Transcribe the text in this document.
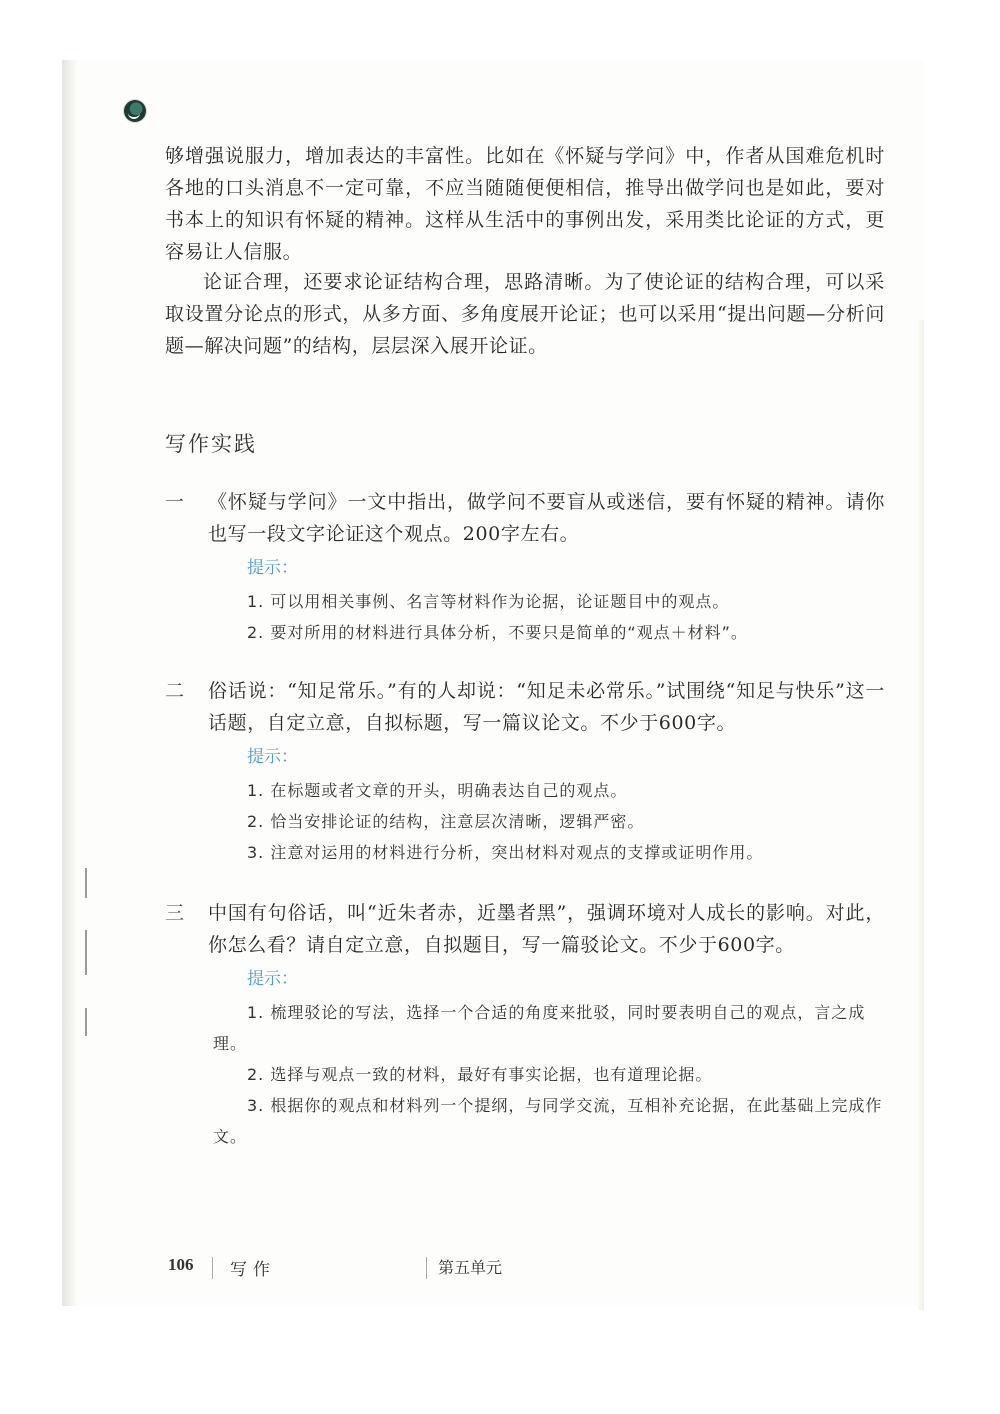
够增强说服力，增加表达的丰富性。比如在《怀疑与学问》中，作者从国难危机时各地的口头消息不一定可靠，不应当随随便便相信，推导出做学问也是如此，要对书本上的知识有怀疑的精神。这样从生活中的事例出发，采用类比论证的方式，更容易让人信服。

论证合理，还要求论证结构合理，思路清晰。为了使论证的结构合理，可以采取设置分论点的形式，从多方面、多角度展开论证；也可以采用“提出问题—分析问题—解决问题”的结构，层层深入展开论证。

写作实践
一	《怀疑与学问》一文中指出，做学问不要盲从或迷信，要有怀疑的精神。请你也写一段文字论证这个观点。200字左右。

提示：
1. 可以用相关事例、名言等材料作为论据，论证题目中的观点。
2. 要对所用的材料进行具体分析，不要只是简单的“观点＋材料”。
二	俗话说：“知足常乐。”有的人却说：“知足未必常乐。”试围绕“知足与快乐”这一话题，自定立意，自拟标题，写一篇议论文。不少于600字。

提示：
1. 在标题或者文章的开头，明确表达自己的观点。
2. 恰当安排论证的结构，注意层次清晰，逻辑严密。
3. 注意对运用的材料进行分析，突出材料对观点的支撑或证明作用。
三	中国有句俗话，叫“近朱者赤，近墨者黑”，强调环境对人成长的影响。对此，你怎么看？请自定立意，自拟题目，写一篇驳论文。不少于600字。

提示：
1. 梳理驳论的写法，选择一个合适的角度来批驳，同时要表明自己的观点，言之成理。
2. 选择与观点一致的材料，最好有事实论据，也有道理论据。
3. 根据你的观点和材料列一个提纲，与同学交流，互相补充论据，在此基础上完成作文。
106 写作	第五单元
